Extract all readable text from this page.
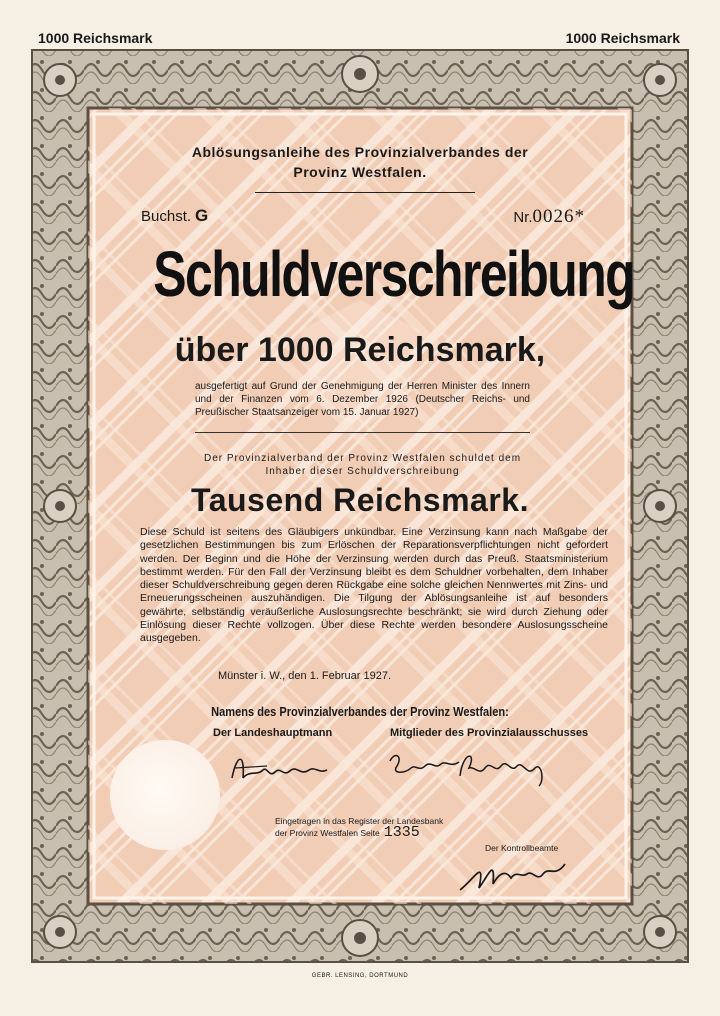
1000 Reichsmark	1000 Reichsmark
Ablösungsanleihe des Provinzialverbandes der
Provinz Westfalen.
Buchst. G	Nr.0026*
Schuldverschreibung
über 1000 Reichsmark,
ausgefertigt auf Grund der Genehmigung der Herren Minister des Innern und der Finanzen vom 6. Dezember 1926 (Deutscher Reichs- und Preußischer Staatsanzeiger vom 15. Januar 1927)
Der Provinzialverband der Provinz Westfalen schuldet dem Inhaber dieser Schuldverschreibung
Tausend Reichsmark.
Diese Schuld ist seitens des Gläubigers unkündbar. Eine Verzinsung kann nach Maßgabe der gesetzlichen Bestimmungen bis zum Erlöschen der Reparationsverpflichtungen nicht gefordert werden. Der Beginn und die Höhe der Verzinsung werden durch das Preuß. Staatsministerium bestimmt werden. Für den Fall der Verzinsung bleibt es dem Schuldner vorbehalten, dem Inhaber dieser Schuldverschreibung gegen deren Rückgabe eine solche gleichen Nennwertes mit Zins- und Erneuerungsscheinen auszuhändigen. Die Tilgung der Ablösungsanleihe ist auf besonders gewährte, selbständig veräußerliche Auslosungsrechte beschränkt; sie wird durch Ziehung oder Einlösung dieser Rechte vollzogen. Über diese Rechte werden besondere Auslosungsscheine ausgegeben.
Münster i. W., den 1. Februar 1927.
Namens des Provinzialverbandes der Provinz Westfalen:
Der Landeshauptmann	Mitglieder des Provinzialausschusses
Eingetragen in das Register der Landesbank
der Provinz Westfalen Seite 1335
Der Kontrollbeamte
GEBR. LENSING, DORTMUND
